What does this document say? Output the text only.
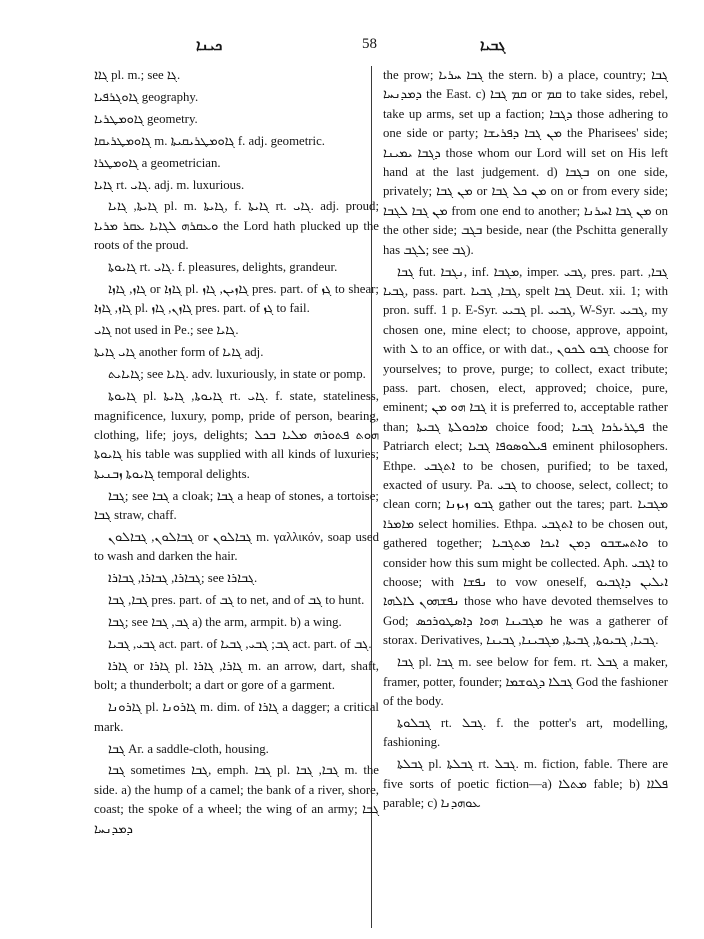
ܟܝܢܐ	58	ܓܒܝܐ

ܓܐܐ pl. m.; see ܓܐ.

ܓܐܘܓܪܦܝܐ geography.

ܓܐܘܡܛܪܝܐ geometry.

ܓܐܘܡܛܪܝܩܐ m. ܓܐܘܡܛܪܝܩܝܬܐ f. adj. geometric.

ܓܐܘܡܛܪܐ a geometrician.

ܓܐܝܐ rt. ܓܐܝ. adj. m. luxurious.

ܓܐܝܬܐ, ܓܐܝܐ pl. m. ܓܐܝܬܐ, f. ܓܐܝܬܐ rt. ܓܐܝ. adj. proud; ܘܥܩܪܗ ܠܓܐܝܐ ܥܩܪ ܡܪܝܐ the Lord hath plucked up the roots of the proud.

ܓܐܝܘܬܐ rt. ܓܐܝ. f. pleasures, delights, grandeur.

ܓܐܙ, ܓܐܙܐ or ܓܐܙܐ pl. ܓܐܙܝܢ, ܓܐܙ pres. part. of ܓܙ to shear; ܓܐܙ, ܓܐܙܐ pl. ܓܐܙܢ, ܓܐܙ pres. part. of ܓܙ to fail.

ܓܐܝ not used in Pe.; see ܓܐܝܐ.

ܓܐܝ ܓܐܝܬܐ another form of ܓܐܝܐ adj.

ܓܐܝܐܝܬ; see ܓܐܝܐ. adv. luxuriously, in state or pomp.

ܓܐܝܘܬܐ pl. ܓܐܝܘܬܐ, ܓܐܝܬܐ rt. ܓܐܝ. f. state, stateliness, magnificence, luxury, pomp, pride of person, bearing, clothing, life; joys, delights; ܗܘܬ ܦܬܘܪܗ ܡܠܝܐ ܒܟܠ ܓܐܝܘܬܐ his table was supplied with all kinds of luxuries; ܓܐܝܘܬܐ ܙܒܢܝܬܐ temporal delights.

ܓܒܐ; see ܓܒܐ a cloak; ܓܒܐ a heap of stones, a tortoise; ܓܒܐ straw, chaff.

ܓܒܐܠܘܢ, ܓܒܐܠܘܢ or ܓܒܐܠܘܢ m. γαλλικόν, soap used to wash and darken the hair.

ܓܒܐܪܐ, ܓܒܐܪܐ, ܓܒܐܪܐ; see ܓܒܐܪܐ.

ܓܒܐ, ܓܒܐ pres. part. of ܓܒ to net, and of ܓܒ to hunt.

ܓܒܐ; see ܓܒ, ܓܒܐ a) the arm, armpit. b) a wing.

ܓܒܝ, ܓܒܝܐ act. part. of ܓܒ; ܓܒܝ, ܓܒܝܐ act. part. of ܓܒ.

ܓܐܪܐ or ܓܐܪܐ pl. ܓܐܪܐ, ܓܐܪܐ m. an arrow, dart, shaft, bolt; a thunderbolt; a dart or gore of a garment.

ܓܐܪܘܢܐ pl. ܓܐܪܘܢܐ m. dim. of ܓܐܪܐ a dagger; a critical mark.

ܓܒܐ Ar. a saddle-cloth, housing.

ܓܒܐ sometimes ܓܒܐ, emph. ܓܒܐ pl. ܓܒܐ, ܓܒܐ m. the side. a) the hump of a camel; the bank of a river, shore, coast; the spoke of a wheel; the wing of an army; ܓܒܐ ܕܡܕܢܚܐ

the prow; ܓܒܐ ܚܪܝܐ the stern. b) a place, country; ܓܒܐ ܕܡܕܢܚܐ the East. c) ܩܡ ܓܒܐ or ܩܡ to take sides, rebel, take up arms, set up a faction; ܕܓܒܐ those adhering to one side or party; ܡܢ ܓܒܐ ܕܦܪܝܫܐ the Pharisees' side; ܕܓܒܐ ܝܡܝܢܐ those whom our Lord will set on His left hand at the last judgement. d) ܒܓܒܐ on one side, privately; ܡܢ ܓܒܐ or ܡܢ ܟܠ ܓܒܐ on or from every side; ܡܢ ܓܒܐ ܠܓܒܐ from one end to another; ܡܢ ܓܒܐ ܐܚܪܢܐ on the other side; ܒܓܒ beside, near (the Pschitta generally has ܠܓܒ; see ܓܒ).

ܓܒܐ fut. ܢܓܒܐ, inf. ܡܓܒܐ, imper. ܓܒܝ, pres. part. ܓܒܐ, ܓܒܝܐ, pass. part. ܓܒܐ, ܓܒܝܐ, spelt ܓܒܐ Deut. xii. 1; with pron. suff. 1 p. E-Syr. ܓܒܝܝ pl. ܓܒܝܝ, W-Syr. ܓܒܝܝ, my chosen one, mine elect; to choose, approve, appoint, with ܠ to an office, or with dat., ܓܒܘ ܠܟܘܢ choose for yourselves; to prove, purge; to collect, exact tribute; pass. part. chosen, elect, approved; choice, pure, eminent; ܓܒܐ ܗܘ ܡܢ it is preferred to, acceptable rather than; ܡܐܟܘܠܬܐ ܓܒܝܬܐ choice food; ܦܛܪܝܪܟܐ ܓܒܝܐ the Patriarch elect; ܦܝܠܘܣܘܦܐ ܓܒܝܐ eminent philosophers. Ethpe. ܐܬܓܒܝ to be chosen, purified; to be taxed, exacted of usury. Pa. ܓܒܝ to choose, select, collect; to clean corn; ܓܒܘ ܙܝܙܢܐ gather out the tares; part. ܡܓܒܝܐ ܡܐܡܪܐ select homilies. Ethpa. ܐܬܓܒܝ to be chosen out, gathered together; ܘܐܬܚܫܒܘ ܕܡܢ ܐܝܟܐ ܡܬܓܒܝܐ to consider how this sum might be collected. Aph. ܐܓܒܝ to choose; with ܢܦܫܐ to vow oneself, ܐܝܠܝܢ ܕܐܓܒܝܘ ܢܦܫܗܘܢ ܠܐܠܗܐ those who have devoted themselves to God; ܡܓܒܝܢܐ ܗܘܐ ܕܐܣܛܘܪܟܣ he was a gatherer of storax. Derivatives, ܓܒܝܐ, ܓܒܝܘܬܐ, ܓܒܝܬܐ, ܡܓܒܝܢܐ, ܓܒܝܢܐ.

ܓܒܐ pl. ܓܒܐ m. see below for fem. rt. ܓܒܠ a maker, framer, potter, founder; ܓܒܠܐ ܕܓܘܫܡܐ God the fashioner of the body.

ܓܒܠܘܬܐ rt. ܓܒܠ. f. the potter's art, modelling, fashioning.

ܓܒܠܬܐ pl. ܓܒܠܬܐ rt. ܓܒܠ. m. fiction, fable. There are five sorts of poetic fiction—a) ܡܬܠܐ fable; b) ܦܠܐܐ parable; c) ܥܘܗܕܢܐ
